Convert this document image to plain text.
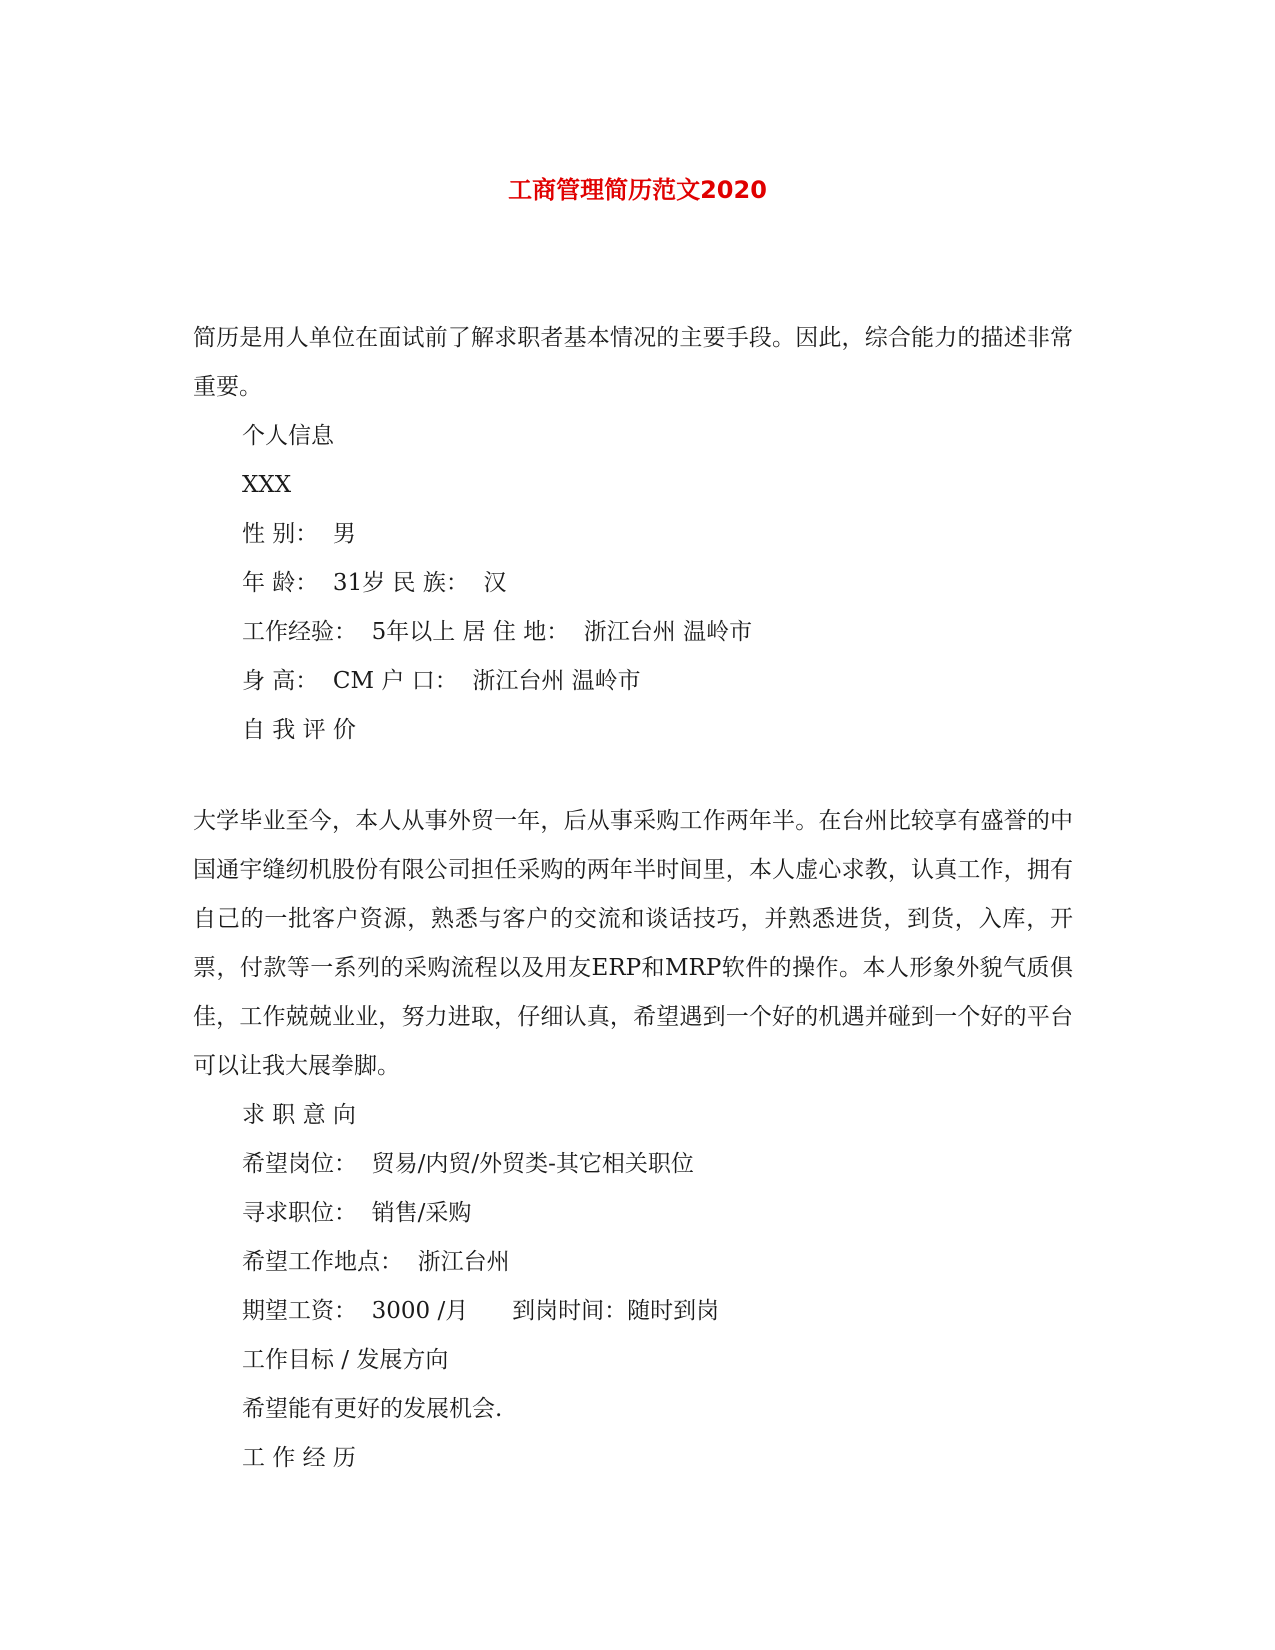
工商管理简历范文2020

简历是用人单位在面试前了解求职者基本情况的主要手段。因此，综合能力的描述非常重要。

个人信息

XXX

性 别：  男

年 龄：  31岁 民 族：  汉

工作经验：  5年以上 居 住 地：  浙江台州 温岭市

身 高：  CM 户 口：  浙江台州 温岭市

自 我 评 价

大学毕业至今，本人从事外贸一年，后从事采购工作两年半。在台州比较享有盛誉的中国通宇缝纫机股份有限公司担任采购的两年半时间里，本人虚心求教，认真工作，拥有自己的一批客户资源，熟悉与客户的交流和谈话技巧，并熟悉进货，到货，入库，开票，付款等一系列的采购流程以及用友ERP和MRP软件的操作。本人形象外貌气质俱佳，工作兢兢业业，努力进取，仔细认真，希望遇到一个好的机遇并碰到一个好的平台可以让我大展拳脚。

求 职 意 向

希望岗位：  贸易/内贸/外贸类-其它相关职位

寻求职位：  销售/采购

希望工作地点：  浙江台州

期望工资：  3000 /月      到岗时间：随时到岗

工作目标 / 发展方向

希望能有更好的发展机会.

工 作 经 历
